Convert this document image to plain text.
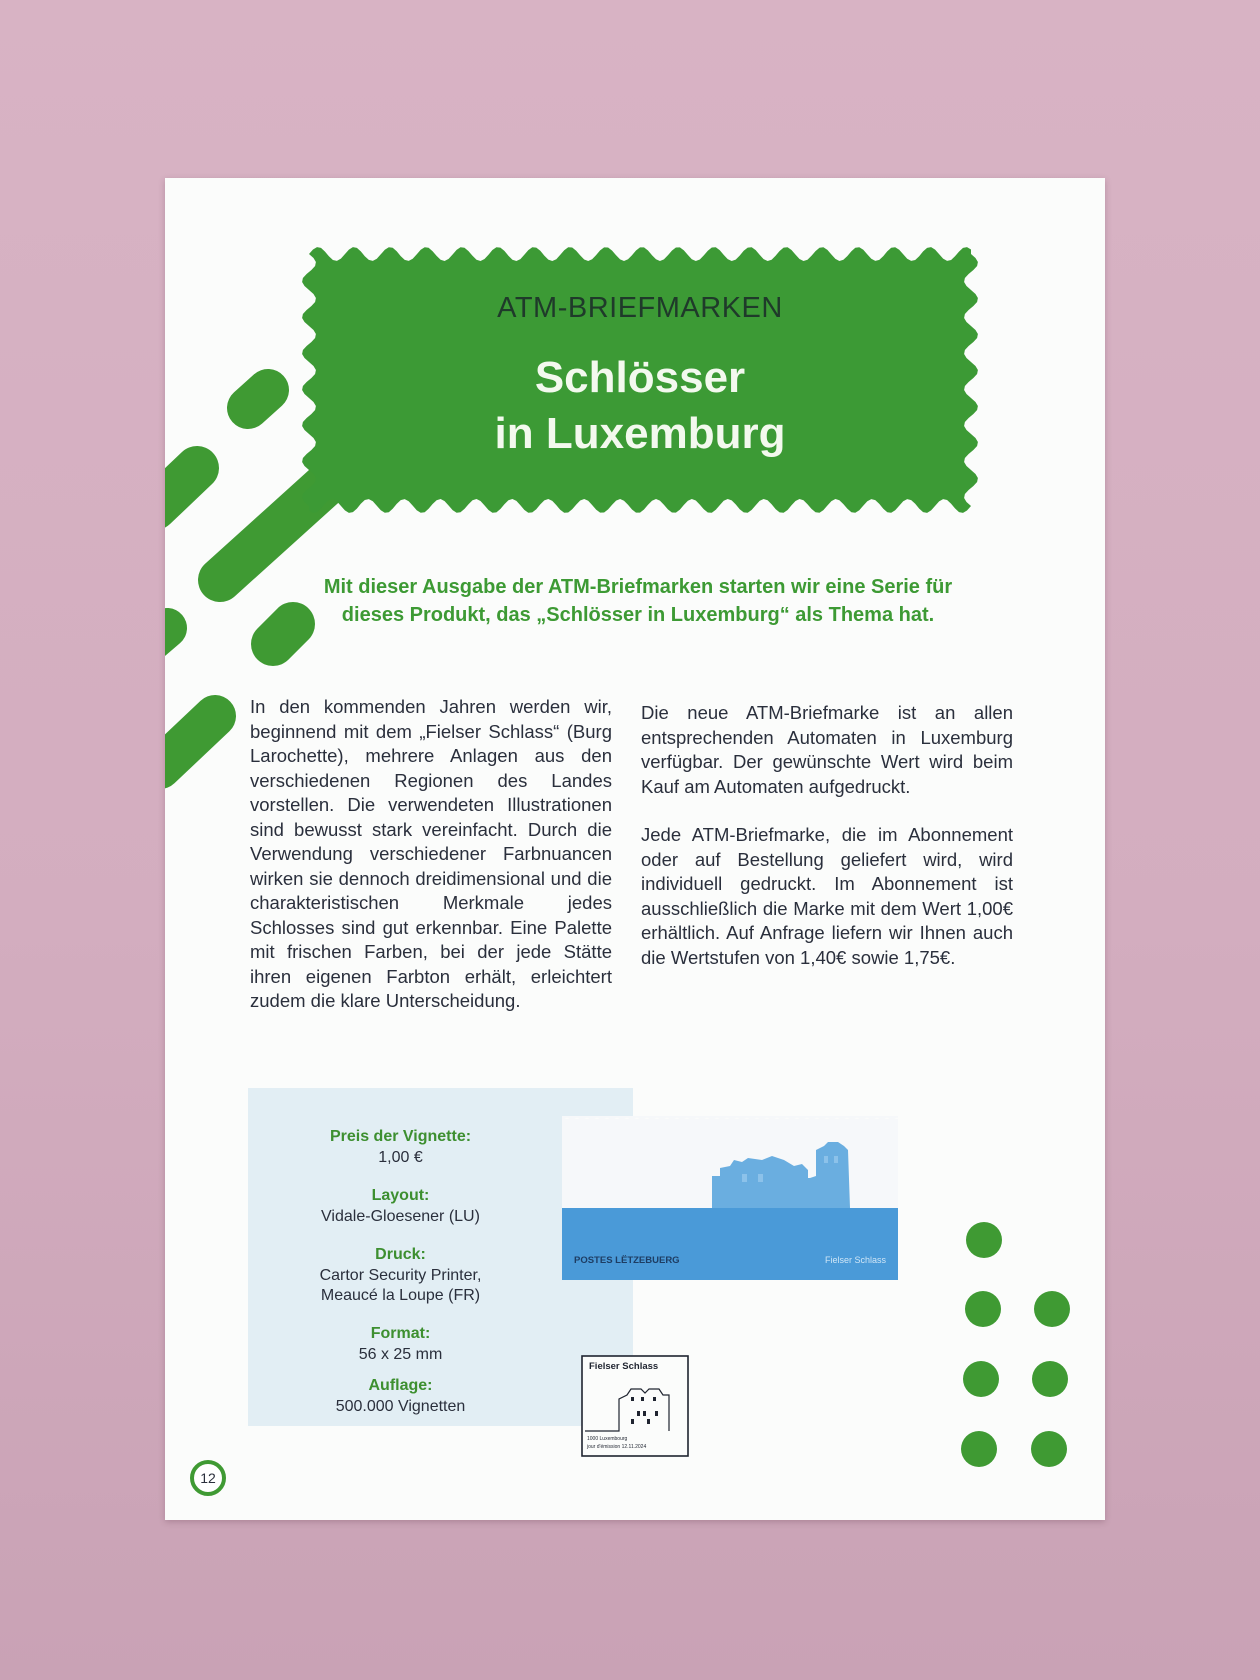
ATM-BRIEFMARKEN
Schlösser
in Luxemburg
Mit dieser Ausgabe der ATM-Briefmarken starten wir eine Serie für
dieses Produkt, das „Schlösser in Luxemburg“ als Thema hat.

In den kommenden Jahren werden wir, beginnend mit dem „Fielser Schlass“ (Burg Larochette), mehrere Anlagen aus den verschiedenen Regionen des Landes vorstellen. Die verwendeten Illustrationen sind bewusst stark vereinfacht. Durch die Verwendung verschiedener Farbnuancen wirken sie dennoch dreidimensional und die charakteristischen Merkmale jedes Schlosses sind gut erkennbar. Eine Palette mit frischen Farben, bei der jede Stätte ihren eigenen Farbton erhält, erleichtert zudem die klare Unterscheidung.

Die neue ATM-Briefmarke ist an allen entsprechenden Automaten in Luxemburg verfügbar. Der gewünschte Wert wird beim Kauf am Automaten aufgedruckt.

Jede ATM-Briefmarke, die im Abonnement oder auf Bestellung geliefert wird, wird individuell gedruckt. Im Abonnement ist ausschließlich die Marke mit dem Wert 1,00€ erhältlich. Auf Anfrage liefern wir Ihnen auch die Wertstufen von 1,40€ sowie 1,75€.

Preis der Vignette:
1,00 €
Layout:
Vidale-Gloesener (LU)
Druck:
Cartor Security Printer,
Meaucé la Loupe (FR)
Format:
56 x 25 mm
Auflage:
500.000 Vignetten
POSTES LËTZEBUERG	Fielser Schlass
Fielser Schlass
1000 Luxembourg
jour d'émission 12.11.2024
12
